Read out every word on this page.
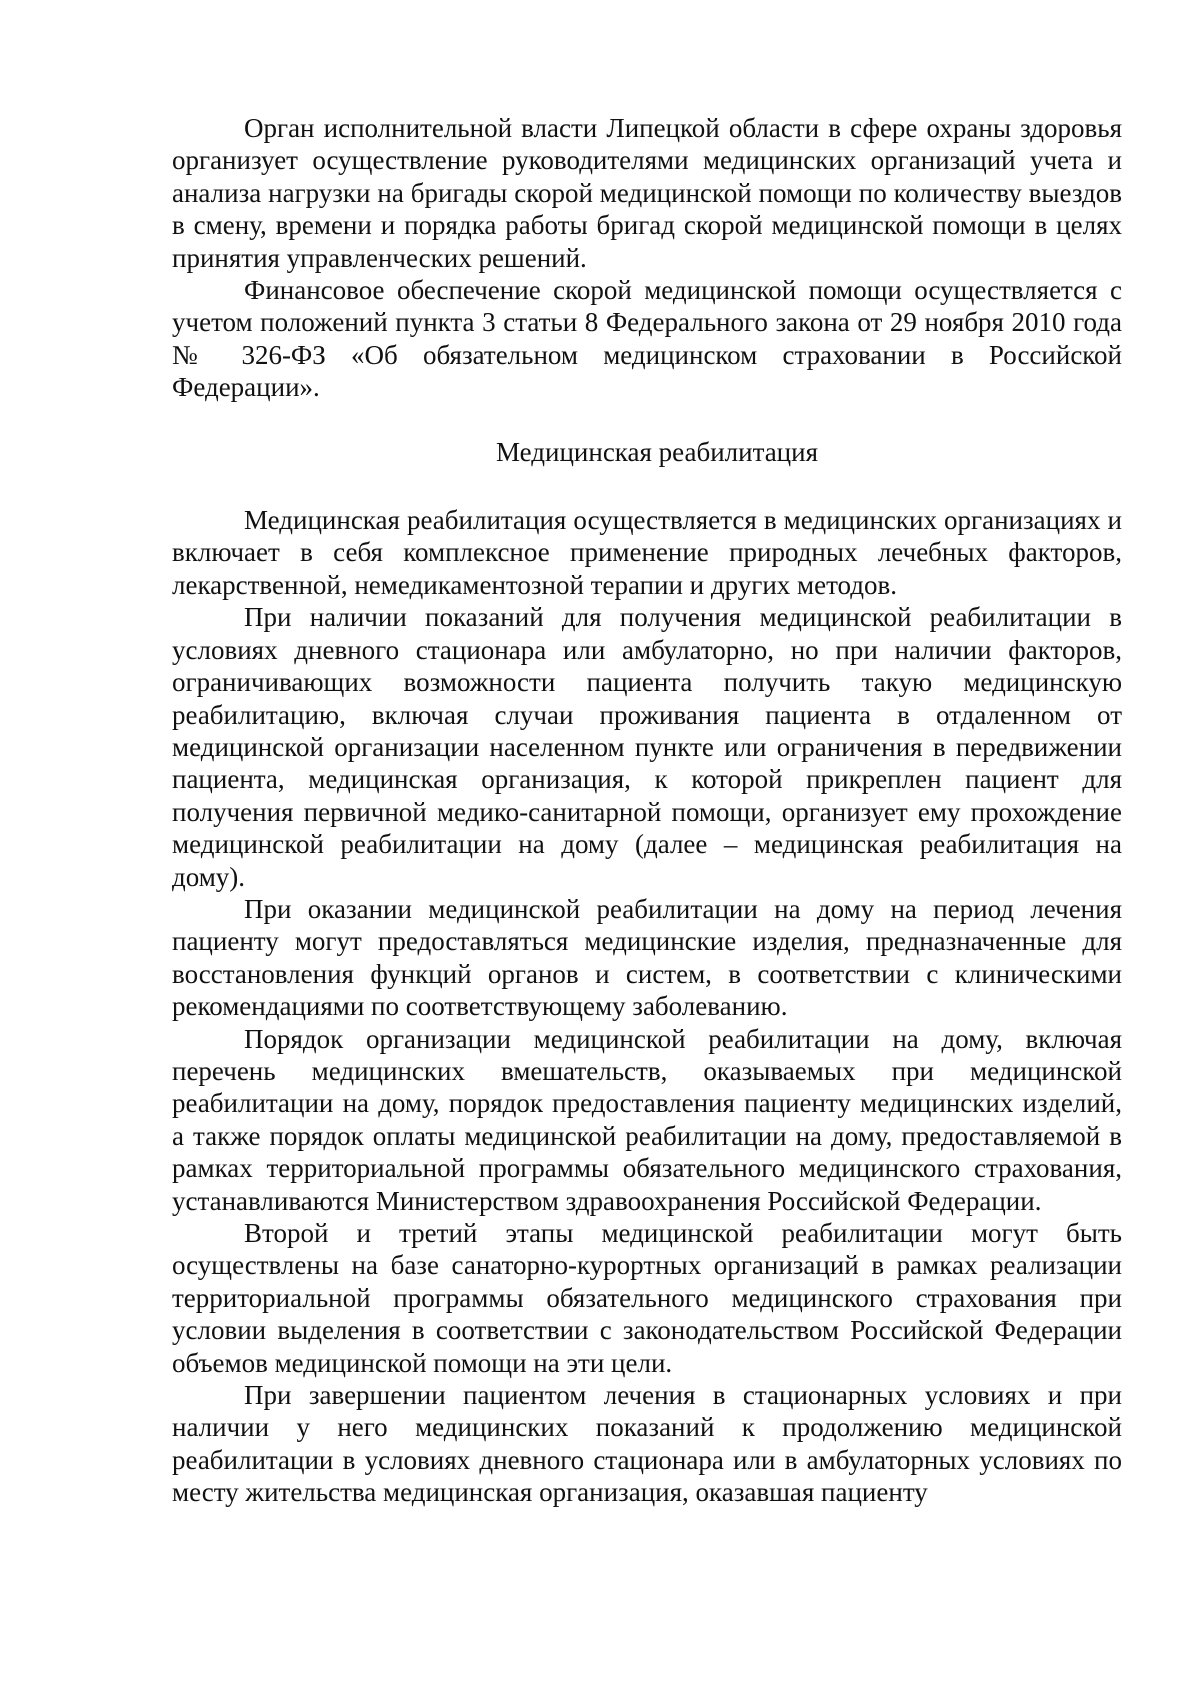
Орган исполнительной власти Липецкой области в сфере охраны здоровья организует осуществление руководителями медицинских организаций учета и анализа нагрузки на бригады скорой медицинской помощи по количеству выездов в смену, времени и порядка работы бригад скорой медицинской помощи в целях принятия управленческих решений.

Финансовое обеспечение скорой медицинской помощи осуществляется с учетом положений пункта 3 статьи 8 Федерального закона от 29 ноября 2010 года № 326-ФЗ «Об обязательном медицинском страховании в Российской Федерации».

Медицинская реабилитация

Медицинская реабилитация осуществляется в медицинских организациях и включает в себя комплексное применение природных лечебных факторов, лекарственной, немедикаментозной терапии и других методов.

При наличии показаний для получения медицинской реабилитации в условиях дневного стационара или амбулаторно, но при наличии факторов, ограничивающих возможности пациента получить такую медицинскую реабилитацию, включая случаи проживания пациента в отдаленном от медицинской организации населенном пункте или ограничения в передвижении пациента, медицинская организация, к которой прикреплен пациент для получения первичной медико-санитарной помощи, организует ему прохождение медицинской реабилитации на дому (далее – медицинская реабилитация на дому).

При оказании медицинской реабилитации на дому на период лечения пациенту могут предоставляться медицинские изделия, предназначенные для восстановления функций органов и систем, в соответствии с клиническими рекомендациями по соответствующему заболеванию.

Порядок организации медицинской реабилитации на дому, включая перечень медицинских вмешательств, оказываемых при медицинской реабилитации на дому, порядок предоставления пациенту медицинских изделий, а также порядок оплаты медицинской реабилитации на дому, предоставляемой в рамках территориальной программы обязательного медицинского страхования, устанавливаются Министерством здравоохранения Российской Федерации.

Второй и третий этапы медицинской реабилитации могут быть осуществлены на базе санаторно-курортных организаций в рамках реализации территориальной программы обязательного медицинского страхования при условии выделения в соответствии с законодательством Российской Федерации объемов медицинской помощи на эти цели.

При завершении пациентом лечения в стационарных условиях и при наличии у него медицинских показаний к продолжению медицинской реабилитации в условиях дневного стационара или в амбулаторных условиях по месту жительства медицинская организация, оказавшая пациенту
